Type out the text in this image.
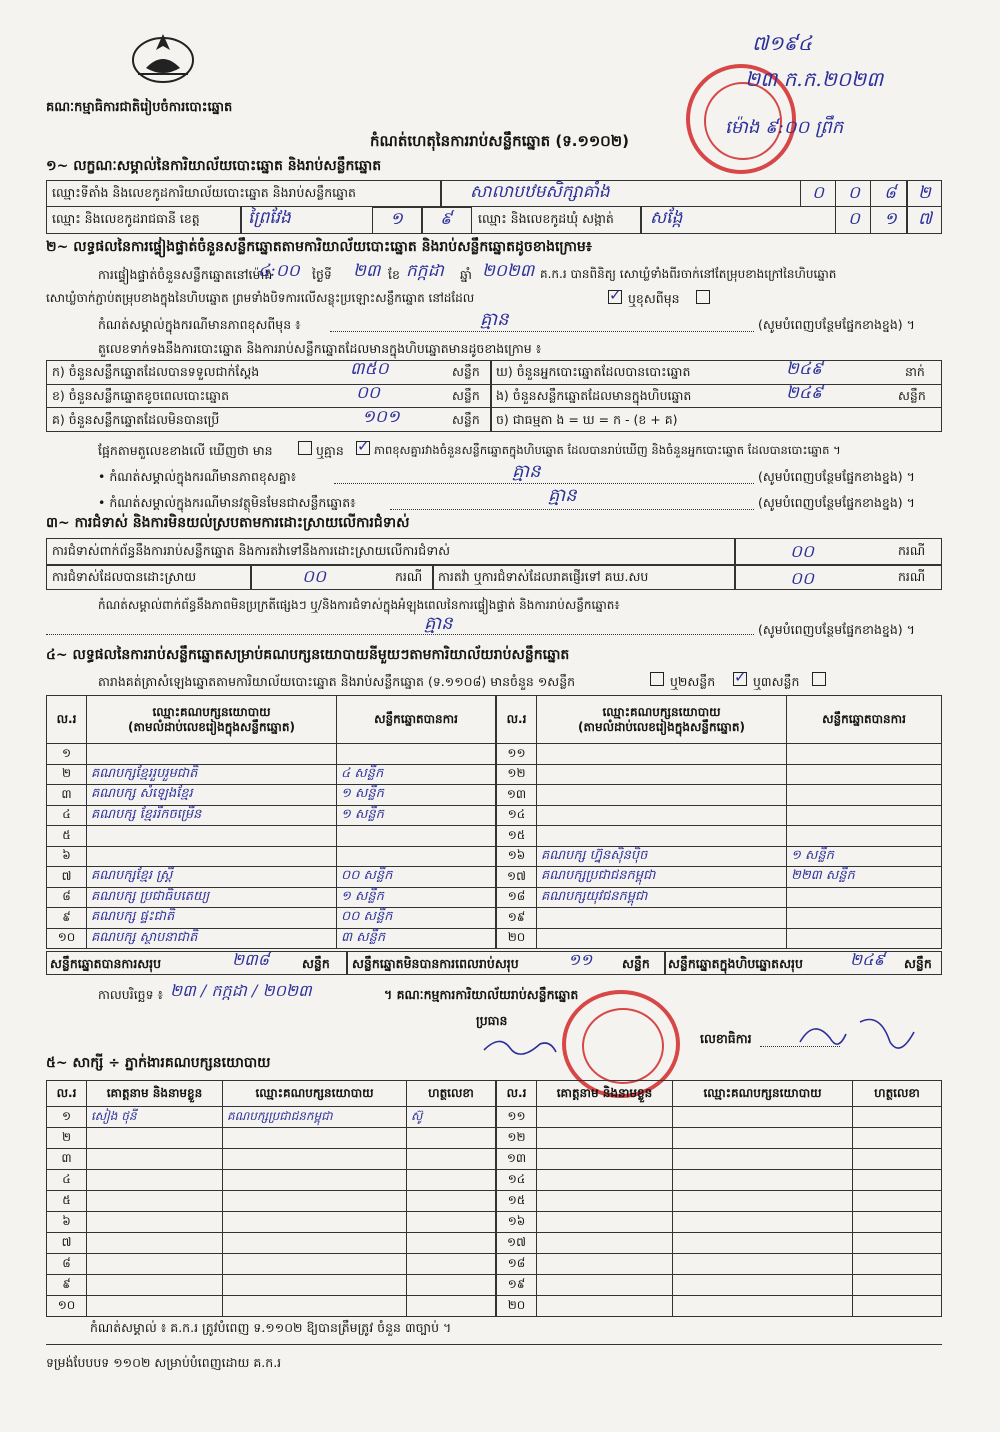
គណៈកម្មាធិការជាតិរៀបចំការបោះឆ្នោត
កំណត់ហេតុនៃការរាប់សន្លឹកឆ្នោត (ទ.១១០២)
៧១៩៤
២៣ ក.ក.២០២៣
ម៉ោង ៩:០០ ព្រឹក
១~ លក្ខណៈសម្គាល់នៃការិយាល័យបោះឆ្នោត និងរាប់សន្លឹកឆ្នោត
ឈ្មោះទីតាំង និងលេខកូដការិយាល័យបោះឆ្នោត និងរាប់សន្លឹកឆ្នោត	សាលាបឋមសិក្សាគាំង	០ ០ ៨ ២
ឈ្មោះ និងលេខកូដរាជធានី ខេត្ត	ព្រៃវែង	១ ៩ ឈ្មោះ និងលេខកូដឃុំ សង្កាត់ សង្កែ	០ ១ ៧
២~ លទ្ធផលនៃការផ្ទៀងផ្ទាត់ចំនួនសន្លឹកឆ្នោតតាមការិយាល័យបោះឆ្នោត និងរាប់សន្លឹកឆ្នោតដូចខាងក្រោម៖
ការផ្ទៀងផ្ទាត់ចំនួនសន្លឹកឆ្នោតនៅម៉ោង
៤:០០ ថ្ងៃទី ២៣ ខែ កក្កដា ឆ្នាំ ២០២៣ គ.ក.រ បានពិនិត្យ សោឃ្លំទាំងពីរចាក់នៅតែម្រុបខាងក្រៅនៃហិបឆ្នោត
សោឃ្លំចាក់ភ្ជាប់តម្រុបខាងក្នុងនៃហិបឆ្នោត ព្រមទាំងបិទការលើសន្លុះប្រឡោះសន្លឹកឆ្នោត នៅដដែល ✓	ឬខុសពីមុន
កំណត់សម្គាល់ក្នុងករណីមានភាពខុសពីមុន ៖	គ្មាន	(សូមបំពេញបន្ថែមផ្នែកខាងខ្នង) ។
តួលេខទាក់ទងនឹងការបោះឆ្នោត និងការរាប់សន្លឹកឆ្នោតដែលមានក្នុងហិបឆ្នោតមានដូចខាងក្រោម ៖
ក) ចំនួនសន្លឹកឆ្នោតដែលបានទទួលជាក់ស្តែង	៣៥០	សន្លឹក
ខ) ចំនួនសន្លឹកឆ្នោតខូចពេលបោះឆ្នោត	០០	សន្លឹក
គ) ចំនួនសន្លឹកឆ្នោតដែលមិនបានប្រើ	១០១	សន្លឹក
ឃ) ចំនួនអ្នកបោះឆ្នោតដែលបានបោះឆ្នោត	២៤៩	នាក់
ង) ចំនួនសន្លឹកឆ្នោតដែលមានក្នុងហិបឆ្នោត	២៤៩	សន្លឹក
ច) ជាធម្មតា ង = ឃ = ក - (ខ + គ)
ផ្អែកតាមតួលេខខាងលើ ឃើញថា មាន	ឬគ្មាន ✓	ភាពខុសគ្នារវាងចំនួនសន្លឹកឆ្នោតក្នុងហិបឆ្នោត ដែលបានរាប់ឃើញ និងចំនួនអ្នកបោះឆ្នោត ដែលបានបោះឆ្នោត ។
• កំណត់សម្គាល់ក្នុងករណីមានភាពខុសគ្នា៖	គ្មាន	(សូមបំពេញបន្ថែមផ្នែកខាងខ្នង) ។
• កំណត់សម្គាល់ក្នុងករណីមានវត្ថុមិនមែនជាសន្លឹកឆ្នោត៖	គ្មាន	(សូមបំពេញបន្ថែមផ្នែកខាងខ្នង) ។
៣~ ការជំទាស់ និងការមិនយល់ស្របតាមការដោះស្រាយលើការជំទាស់
ការជំទាស់ពាក់ព័ន្ធនឹងការរាប់សន្លឹកឆ្នោត និងការតវ៉ាទៅនឹងការដោះស្រាយលើការជំទាស់	០០	ករណី
ការជំទាស់ដែលបានដោះស្រាយ	០០	ករណី ការតវ៉ា ឬការជំទាស់ដែលរាគផ្ញើរទៅ គឃ.សប	០០	ករណី
កំណត់សម្គាល់ពាក់ព័ន្ធនឹងភាពមិនប្រក្រតីផ្សេងៗ ឬ/និងការជំទាស់ក្នុងអំឡុងពេលនៃការផ្ទៀងផ្ទាត់ និងការរាប់សន្លឹកឆ្នោត៖
គ្មាន	(សូមបំពេញបន្ថែមផ្នែកខាងខ្នង) ។
៤~ លទ្ធផលនៃការរាប់សន្លឹកឆ្នោតសម្រាប់គណបក្សនយោបាយនីមួយៗតាមការិយាល័យរាប់សន្លឹកឆ្នោត
តារាងគត់ត្រាសំឡេងឆ្នោតតាមការិយាល័យបោះឆ្នោត និងរាប់សន្លឹកឆ្នោត (ទ.១១០៨) មានចំនួន ១សន្លឹក	ឬ២សន្លឹក ✓	ឬ៣សន្លឹក
ល.រ	ឈ្មោះគណបក្សនយោបាយ
(តាមលំដាប់លេខរៀងក្នុងសន្លឹកឆ្នោត)	សន្លឹកឆ្នោតបានការ
១		
២	គណបក្សខ្មែររួបរួមជាតិ	៤ សន្លឹក
៣	គណបក្ស សំឡេងខ្មែរ	១ សន្លឹក
៤	គណបក្ស ខ្មែររីកចម្រើន	១ សន្លឹក
៥		
៦		
៧	គណបក្សខ្មែរ ស្ត្រី	០០ សន្លឹក
៨	គណបក្ស ប្រជាធិបតេយ្យ	១ សន្លឹក
៩	គណបក្ស ផ្ទះជាតិ	០០ សន្លឹក
១០	គណបក្ស ស្ថាបនាជាតិ	៣ សន្លឹក
ល.រ	ឈ្មោះគណបក្សនយោបាយ
(តាមលំដាប់លេខរៀងក្នុងសន្លឹកឆ្នោត)	សន្លឹកឆ្នោតបានការ
១១		
១២		
១៣		
១៤		
១៥		
១៦	គណបក្ស ហ្វ៊ុនស៊ិនប៉ិច	១ សន្លឹក
១៧	គណបក្សប្រជាជនកម្ពុជា	២២៣ សន្លឹក
១៨	គណបក្សយុវជនកម្ពុជា	
១៩		
២០		
សន្លឹកឆ្នោតបានការសរុប	២៣៨	សន្លឹក សន្លឹកឆ្នោតមិនបានការពេលរាប់សរុប	១១ សន្លឹក សន្លឹកឆ្នោតក្នុងហិបឆ្នោតសរុប	២៤៩ សន្លឹក
កាលបរិច្ឆេទ ៖ ២៣ / កក្កដា / ២០២៣	។ គណៈកម្មការការិយាល័យរាប់សន្លឹកឆ្នោត
ប្រធាន
លេខាធិការ
៥~ សាក្សី ÷ ភ្នាក់ងារគណបក្សនយោបាយ
ល.រ	គោត្តនាម និងនាមខ្លួន	ឈ្មោះគណបក្សនយោបាយ	ហត្ថលេខា
១	សៀង ថុនី	គណបក្សប្រជាជនកម្ពុជា	ស៊ូ
២			
៣			
៤			
៥			
៦			
៧			
៨			
៩			
១០			
ល.រ	គោត្តនាម និងនាមខ្លួន	ឈ្មោះគណបក្សនយោបាយ	ហត្ថលេខា
១១			
១២			
១៣			
១៤			
១៥			
១៦			
១៧			
១៨			
១៩			
២០			
កំណត់សម្គាល់ ៖ គ.ក.រ ត្រូវបំពេញ ទ.១១០២ ឱ្យបានត្រឹមត្រូវ ចំនួន ៣ច្បាប់ ។
ទម្រង់បែបបទ ១១០២ សម្រាប់បំពេញដោយ គ.ក.រ
